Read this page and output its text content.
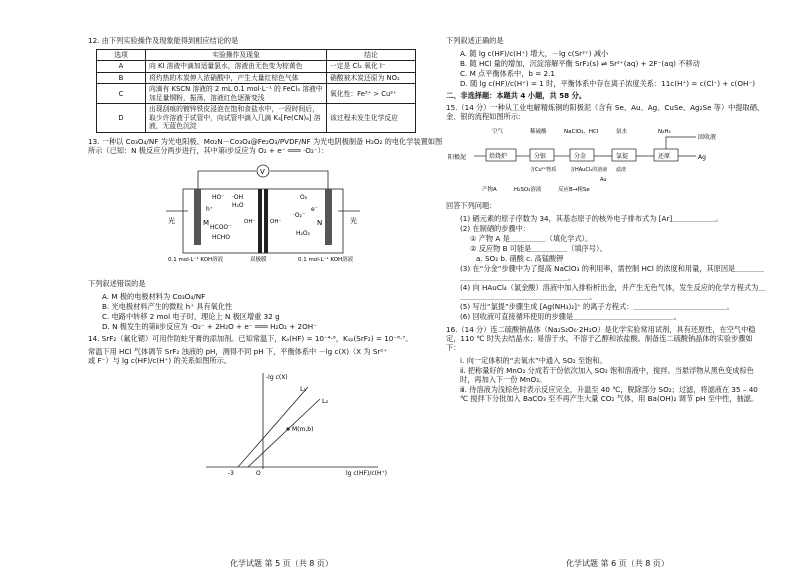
12. 由下列实验操作及现象能得到相应结论的是
选项	实验操作及现象	结论
A	向 KI 溶液中滴加适量氯水，溶液由无色变为棕黄色	一定是 Cl₂ 氧化 I⁻
B	将灼热的木炭伸入浓硝酸中，产生大量红棕色气体	硝酸被木炭还原为 NO₂
C	向滴有 KSCN 溶液的 2 mL 0.1 mol·L⁻¹ 的 FeCl₃ 溶液中加足量铜粉，振荡，溶液红色逐渐变浅	氧化性：Fe³⁺ > Cu²⁺
D	出现刮痕的镀锌铁皮浸泡在饱和食盐水中，一段时间后，取少许溶液于试管中，向试管中滴入几滴 K₃[Fe(CN)₆] 溶液，无蓝色沉淀	该过程未发生化学反应
13. 一种以 Co₃O₄/NF 为光电阳极、Mo₂N－Co₃O₄@Fe₂O₃/PVDF/NF 为光电阴极制备 H₂O₂ 的电化学装置如图所示（已知：N 极反应分两步进行，其中第ⅰ步反应为 O₂ + e⁻ ═══ ·O₂⁻）：
V
光	光
M	N
h⁺	e⁻
HO⁻ ·OH
H₂O
HCOO⁻
HCHO
O₂
·O₂⁻
H₂O₂
OH⁻	OH⁻
0.1 mol·L⁻¹ KOH溶液	双极膜	0.1 mol·L⁻¹ KOH溶液
下列叙述错误的是
A. M 极的电极材料为 Co₃O₄/NF
B. 光电极材料产生的微粒 h⁺ 具有氧化性
C. 电路中转移 2 mol 电子时，理论上 N 极区增重 32 g
D. N 极发生的第ⅱ步反应为 ·O₂⁻ + 2H₂O + e⁻ ═══ H₂O₂ + 2OH⁻
14. SrF₂（氟化锶）可用作防蛀牙膏的添加剂。已知常温下，Kₐ(HF) = 10⁻⁴·⁶，Kₛₚ(SrF₂) = 10⁻⁸·⁷。
常温下用 HCl 气体调节 SrF₂ 浊液的 pH，测得不同 pH 下，平衡体系中 －lg c(X)（X 为 Sr²⁺
或 F⁻）与 lg c(HF)/c(H⁺) 的关系如图所示。
-lg c(X)
lg c(HF)/c(H⁺)
O
-3
L₁
L₂
M(m,b)
下列叙述正确的是
A. 随 lg c(HF)/c(H⁺) 增大，－lg c(Sr²⁺) 减小
B. 随 HCl 量的增加，沉淀溶解平衡 SrF₂(s) ⇌ Sr²⁺(aq) + 2F⁻(aq) 不移动
C. M 点平衡体系中，b = 2.1
D. 随 lg c(HF)/c(H⁺) = 1 时，平衡体系中存在离子浓度关系：11c(H⁺) = c(Cl⁻) + c(OH⁻)
二、非选择题：本题共 4 小题，共 58 分。
15.（14 分）一种从工业电解精炼铜的阳极泥（含有 Se、Au、Ag、CuSe、Ag₂Se 等）中提取硒、金、银的流程如图所示：
阳极泥	焙烧炉	分银	分金	氯提	还原	Ag
回收液
空气	稀硫酸	NaClO₃、HCl	氨水	N₂H₄
含Cu²⁺物质	含HAuCl₄的溶液
Au
滤渣
产物A	H₂SO₃溶液	反应B→粗Se
回答下列问题：
(1) 硒元素的原子序数为 34，其基态原子的核外电子排布式为 [Ar]＿＿＿＿＿＿。
(2) 在制硒的步骤中：
① 产物 A 是＿＿＿＿＿（填化学式）。
② 反应物 B 可能是＿＿＿＿＿（填序号）。
a. SO₂ b. 硝酸 c. 高锰酸钾
(3) 在“分金”步骤中为了提高 NaClO₃ 的利用率，需控制 HCl 的浓度和用量，其原因是＿＿＿＿＿＿＿＿＿＿＿＿＿＿＿＿＿＿＿。
(4) 向 HAuCl₄（氯金酸）溶液中加入排粉析出金，并产生无色气体，发生反应的化学方程式为＿＿＿＿＿＿＿＿＿＿＿＿＿＿＿＿＿＿＿。
(5) 写出“氯提”步骤生成 [Ag(NH₃)₂]⁺ 的离子方程式：＿＿＿＿＿＿＿＿＿＿＿＿＿。
(6) 回收液可直接循环使用的步骤是＿＿＿＿＿＿＿＿＿＿＿＿＿＿。
16.（14 分）连二硫酸钠晶体（Na₂S₂O₆·2H₂O）是化学实验常用试剂，具有还原性，在空气中稳定，110 ℃ 时失去结晶水；易溶于水，不溶于乙醇和浓盐酸。制备连二硫酸钠晶体的实验步骤如下：
ⅰ. 向一定体积的“去氧水”中通入 SO₂ 至饱和。
ⅱ. 把称量好的 MnO₂ 分成若干份依次加入 SO₂ 饱和溶液中，搅拌。当悬浮物从黑色变成棕色时，再加入下一份 MnO₂。
ⅲ. 待溶液为浅棕色时表示反应完全，升温至 40 ℃，脱除部分 SO₂；过滤，将滤液在 35 – 40 ℃ 搅拌下分批加入 BaCO₃ 至不再产生大量 CO₂ 气体，用 Ba(OH)₂ 调节 pH 至中性，抽滤。
化学试题 第 5 页（共 8 页）	化学试题 第 6 页（共 8 页）
